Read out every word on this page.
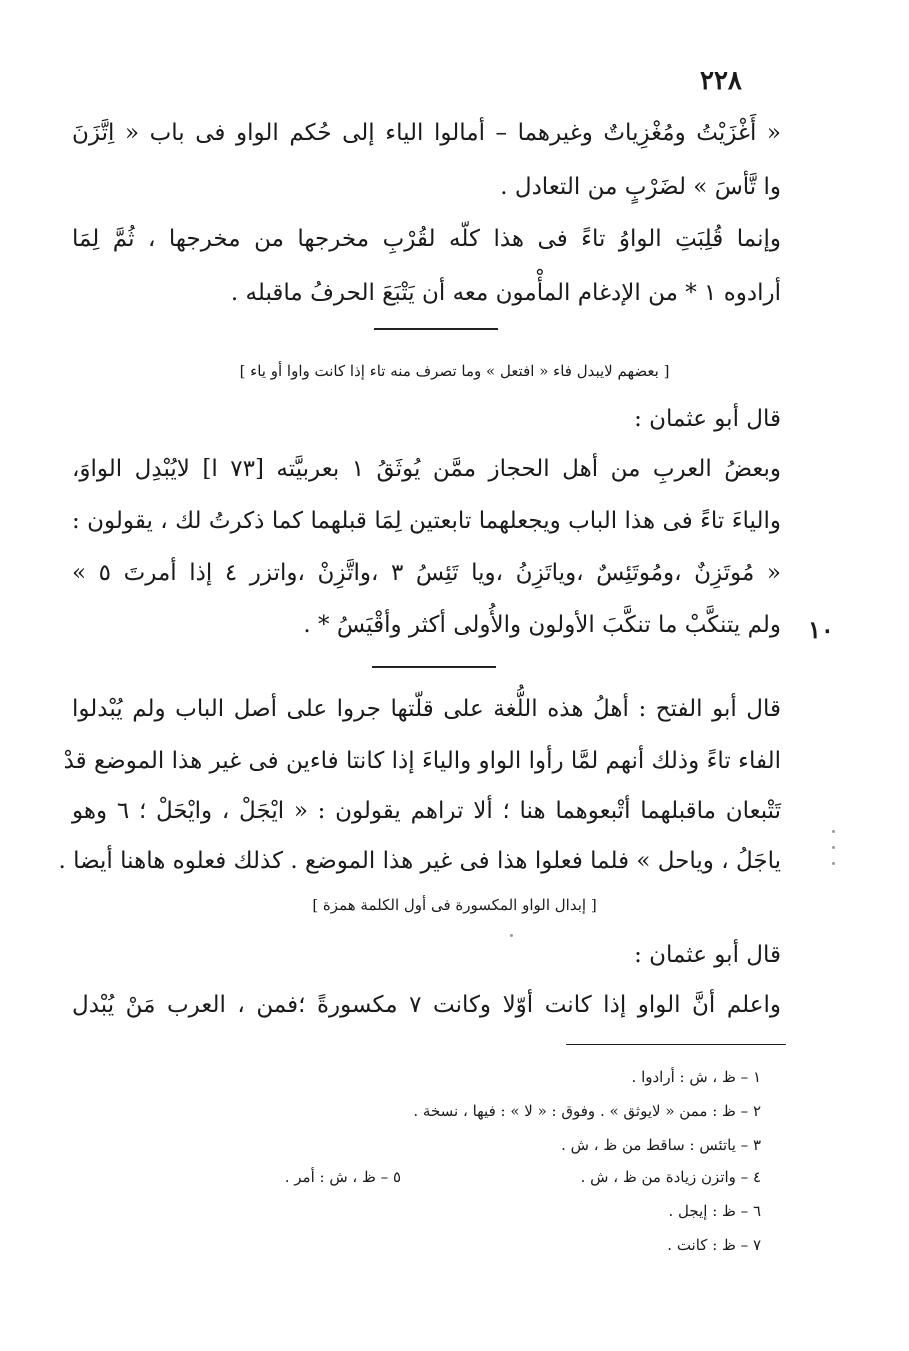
٢٢٨
« أَغْزَيْتُ ومُغْزِياتٌ وغيرهما – أمالوا الياء إلى حُكم الواو فى باب « اِتَّزَنَ
وا تَّأسَ » لضَرْبٍ من التعادل .
وإنما قُلِبَتِ الواوُ تاءً فى هذا كلّه لقُرْبِ مخرجها من مخرجها ، ثُمَّ لِمَا
أرادوه ١ * من الإدغام المأْمون معه أن يَتْبَعَ الحرفُ ماقبله .
[ بعضهم لايبدل فاء « افتعل » وما تصرف منه تاء إذا كانت واوا أو ياء ]
قال أبو عثمان :
وبعضُ العربِ من أهل الحجاز ممَّن يُوثَقُ ١ بعربيَّته [٧٣ ا] لايُبْدِل الواوَ،
والياءَ تاءً فى هذا الباب ويجعلهما تابعتين لِمَا قبلهما كما ذكرتُ لك ، يقولون :
« مُوتَزِنٌ ،ومُوتَئِسٌ ،وياتَزِنُ ،ويا تَئِسُ ٣ ،واتَّزِنْ ،واتزر ٤ إذا أمرتَ ٥ »
ولم يتنكَّبْ ما تنكَّبَ الأولون والأُولى أكثر وأقْيَسُ * . ١٠
قال أبو الفتح : أهلُ هذه اللُّغة على قلّتها جروا على أصل الباب ولم يُبْدلوا
الفاء تاءً وذلك أنهم لمَّا رأوا الواو والياءَ إذا كانتا فاءين فى غير هذا الموضع قدْ
تَتْبعان ماقبلهما أتْبعوهما هنا ؛ ألا تراهم يقولون : « ايْجَلْ ، وايْحَلْ ؛ ٦ وهو
ياجَلُ ، وياحل » فلما فعلوا هذا فى غير هذا الموضع . كذلك فعلوه هاهنا أيضا .
[ إبدال الواو المكسورة فى أول الكلمة همزة ]
قال أبو عثمان :
واعلم أنَّ الواو إذا كانت أوّلا وكانت ٧ مكسورةً ؛فمن ، العرب مَنْ يُبْدل
١ – ظ ، ش : أرادوا .
٢ – ظ : ممن « لايوثق » . وفوق : « لا » : فيها ، نسخة .
٣ – ياتئس : ساقط من ظ ، ش .
٤ – واتزن زيادة من ظ ، ش .
٥ – ظ ، ش : أمر .
٦ – ظ : إيجل .
٧ – ظ : كانت .
